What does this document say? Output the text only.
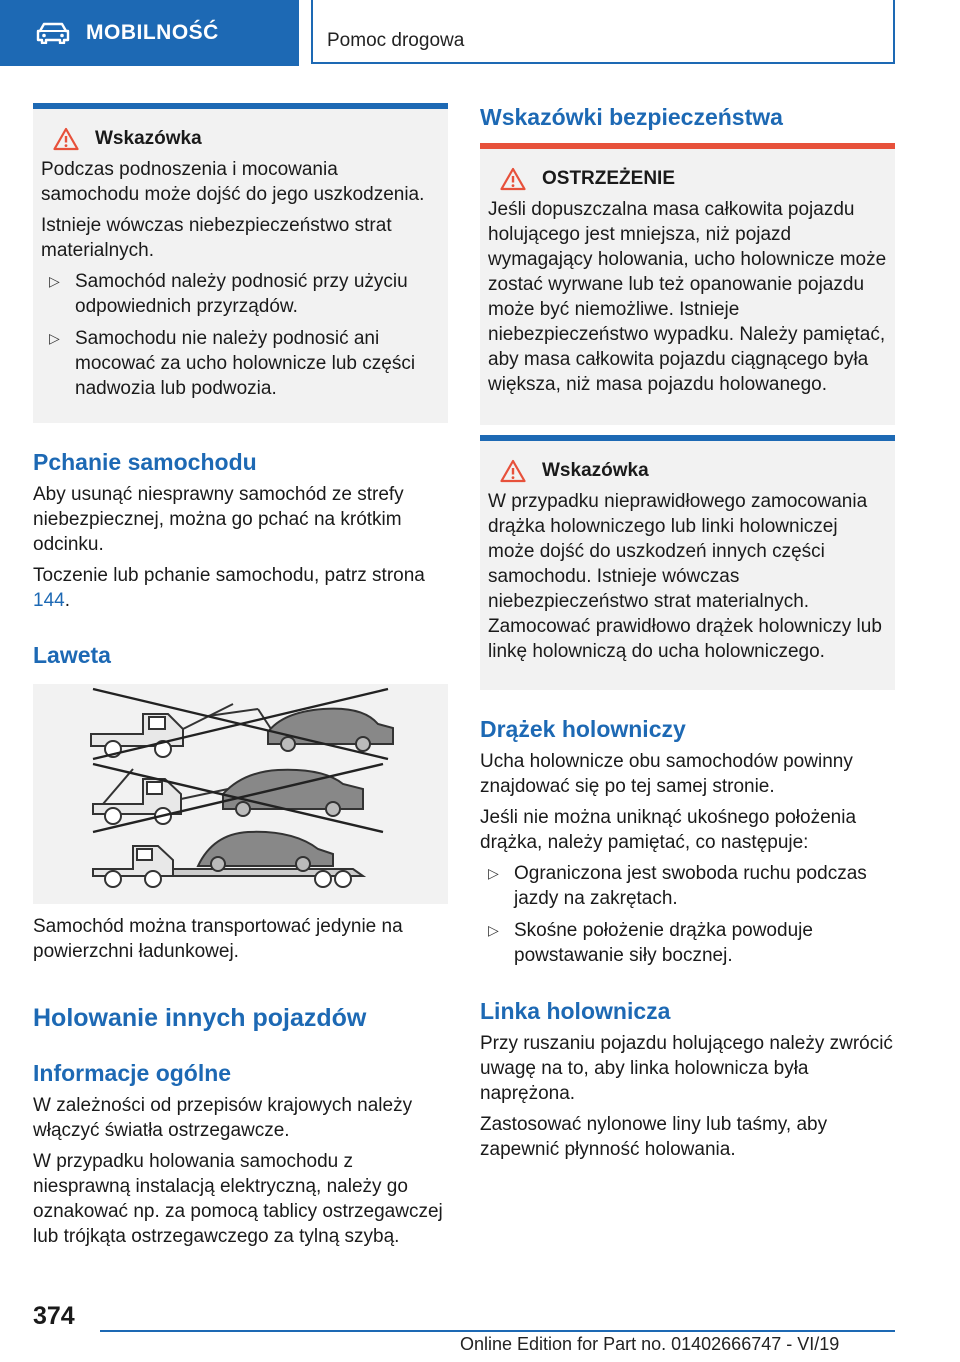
MOBILNOŚĆ	Pomoc drogowa
Wskazówka

Podczas podnoszenia i mocowania samochodu może dojść do jego uszkodzenia.

Istnieje wówczas niebezpieczeństwo strat materialnych.

▷ Samochód należy podnosić przy użyciu odpowiednich przyrządów.
▷ Samochodu nie należy podnosić ani mocować za ucho holownicze lub części nadwozia lub podwozia.
Pchanie samochodu

Aby usunąć niesprawny samochód ze strefy niebezpiecznej, można go pchać na krótkim odcinku.

Toczenie lub pchanie samochodu, patrz strona 144.

Laweta

Samochód można transportować jedynie na powierzchni ładunkowej.

Holowanie innych pojazdów
Informacje ogólne

W zależności od przepisów krajowych należy włączyć światła ostrzegawcze.

W przypadku holowania samochodu z niesprawną instalacją elektryczną, należy go oznakować np. za pomocą tablicy ostrzegawczej lub trójkąta ostrzegawczego za tylną szybą.

Wskazówki bezpieczeństwa
OSTRZEŻENIE

Jeśli dopuszczalna masa całkowita pojazdu holującego jest mniejsza, niż pojazd wymagający holowania, ucho holownicze może zostać wyrwane lub też opanowanie pojazdu może być niemożliwe. Istnieje niebezpieczeństwo wypadku. Należy pamiętać, aby masa całkowita pojazdu ciągnącego była większa, niż masa pojazdu holowanego.

Wskazówka

W przypadku nieprawidłowego zamocowania drążka holowniczego lub linki holowniczej może dojść do uszkodzeń innych części samochodu. Istnieje wówczas niebezpieczeństwo strat materialnych. Zamocować prawidłowo drążek holowniczy lub linkę holowniczą do ucha holowniczego.

Drążek holowniczy

Ucha holownicze obu samochodów powinny znajdować się po tej samej stronie.

Jeśli nie można uniknąć ukośnego położenia drążka, należy pamiętać, co następuje:

▷ Ograniczona jest swoboda ruchu podczas jazdy na zakrętach.
▷ Skośne położenie drążka powoduje powstawanie siły bocznej.
Linka holownicza

Przy ruszaniu pojazdu holującego należy zwrócić uwagę na to, aby linka holownicza była naprężona.

Zastosować nylonowe liny lub taśmy, aby zapewnić płynność holowania.

374
Online Edition for Part no. 01402666747 - VI/19
